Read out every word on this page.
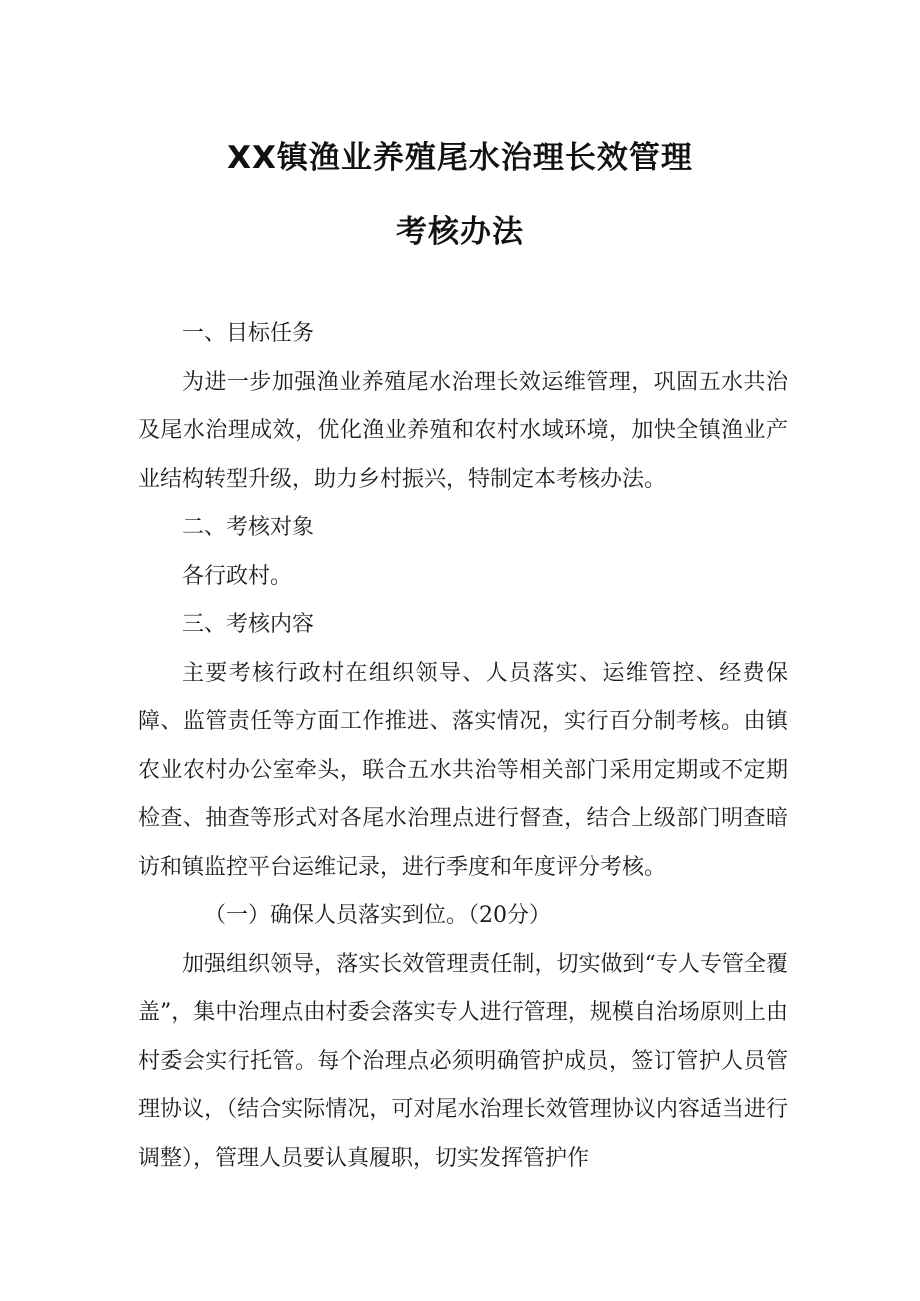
XX镇渔业养殖尾水治理长效管理
考核办法

一、目标任务

为进一步加强渔业养殖尾水治理长效运维管理，巩固五水共治及尾水治理成效，优化渔业养殖和农村水域环境，加快全镇渔业产业结构转型升级，助力乡村振兴，特制定本考核办法。

二、考核对象

各行政村。

三、考核内容

主要考核行政村在组织领导、人员落实、运维管控、经费保障、监管责任等方面工作推进、落实情况，实行百分制考核。由镇农业农村办公室牵头，联合五水共治等相关部门采用定期或不定期检查、抽查等形式对各尾水治理点进行督查，结合上级部门明查暗访和镇监控平台运维记录，进行季度和年度评分考核。

（一）确保人员落实到位。（20分）

加强组织领导，落实长效管理责任制，切实做到“专人专管全覆盖”，集中治理点由村委会落实专人进行管理，规模自治场原则上由村委会实行托管。每个治理点必须明确管护成员，签订管护人员管理协议，（结合实际情况，可对尾水治理长效管理协议内容适当进行调整），管理人员要认真履职，切实发挥管护作
